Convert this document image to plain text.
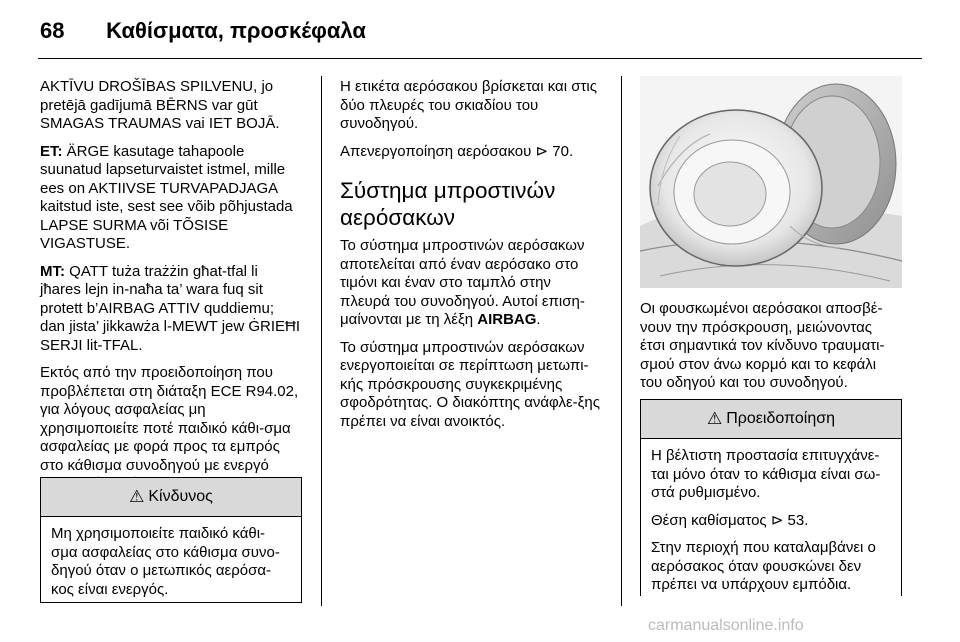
68 Καθίσματα, προσκέφαλα

AKTĪVU DROŠĪBAS SPILVENU, jo pretējā gadījumā BĒRNS var gūt SMAGAS TRAUMAS vai IET BOJĀ.

ET: ÄRGE kasutage tahapoole suunatud lapseturvaistet istmel, mille ees on AKTIIVSE TURVAPADJAGA kaitstud iste, sest see võib põhjustada LAPSE SURMA või TÕSISE VIGASTUSE.

MT: QATT tuża trażżin għat-tfal li jħares lejn in-naħa ta’ wara fuq sit protett b’AIRBAG ATTIV quddiemu; dan jista’ jikkawża l-MEWT jew ĠRIEĦI SERJI lit-TFAL.

Εκτός από την προειδοποίηση που προβλέπεται στη διάταξη ECE R94.02, για λόγους ασφαλείας μη χρησιμοποιείτε ποτέ παιδικό κάθι-σμα ασφαλείας με φορά προς τα εμπρός στο κάθισμα συνοδηγού με ενεργό

⚠ Κίνδυνος

Μη χρησιμοποιείτε παιδικό κάθι-σμα ασφαλείας στο κάθισμα συνο-δηγού όταν ο μετωπικός αερόσα-κος είναι ενεργός.

Η ετικέτα αερόσακου βρίσκεται και στις δύο πλευρές του σκιαδίου του συνοδηγού.

Απενεργοποίηση αερόσακου ⊳ 70.

Σύστημα μπροστινών αερόσακων

Το σύστημα μπροστινών αερόσακων αποτελείται από έναν αερόσακο στο τιμόνι και έναν στο ταμπλό στην πλευρά του συνοδηγού. Αυτοί επιση-μαίνονται με τη λέξη AIRBAG.

Το σύστημα μπροστινών αερόσακων ενεργοποιείται σε περίπτωση μετωπι-κής πρόσκρουσης συγκεκριμένης σφοδρότητας. Ο διακόπτης ανάφλε-ξης πρέπει να είναι ανοικτός.

Οι φουσκωμένοι αερόσακοι αποσβέ-νουν την πρόσκρουση, μειώνοντας έτσι σημαντικά τον κίνδυνο τραυματι-σμού στον άνω κορμό και το κεφάλι του οδηγού και του συνοδηγού.

⚠ Προειδοποίηση

Η βέλτιστη προστασία επιτυγχάνε-ται μόνο όταν το κάθισμα είναι σω-στά ρυθμισμένο.

Θέση καθίσματος ⊳ 53.

Στην περιοχή που καταλαμβάνει ο αερόσακος όταν φουσκώνει δεν πρέπει να υπάρχουν εμπόδια.

carmanualsonline.info
